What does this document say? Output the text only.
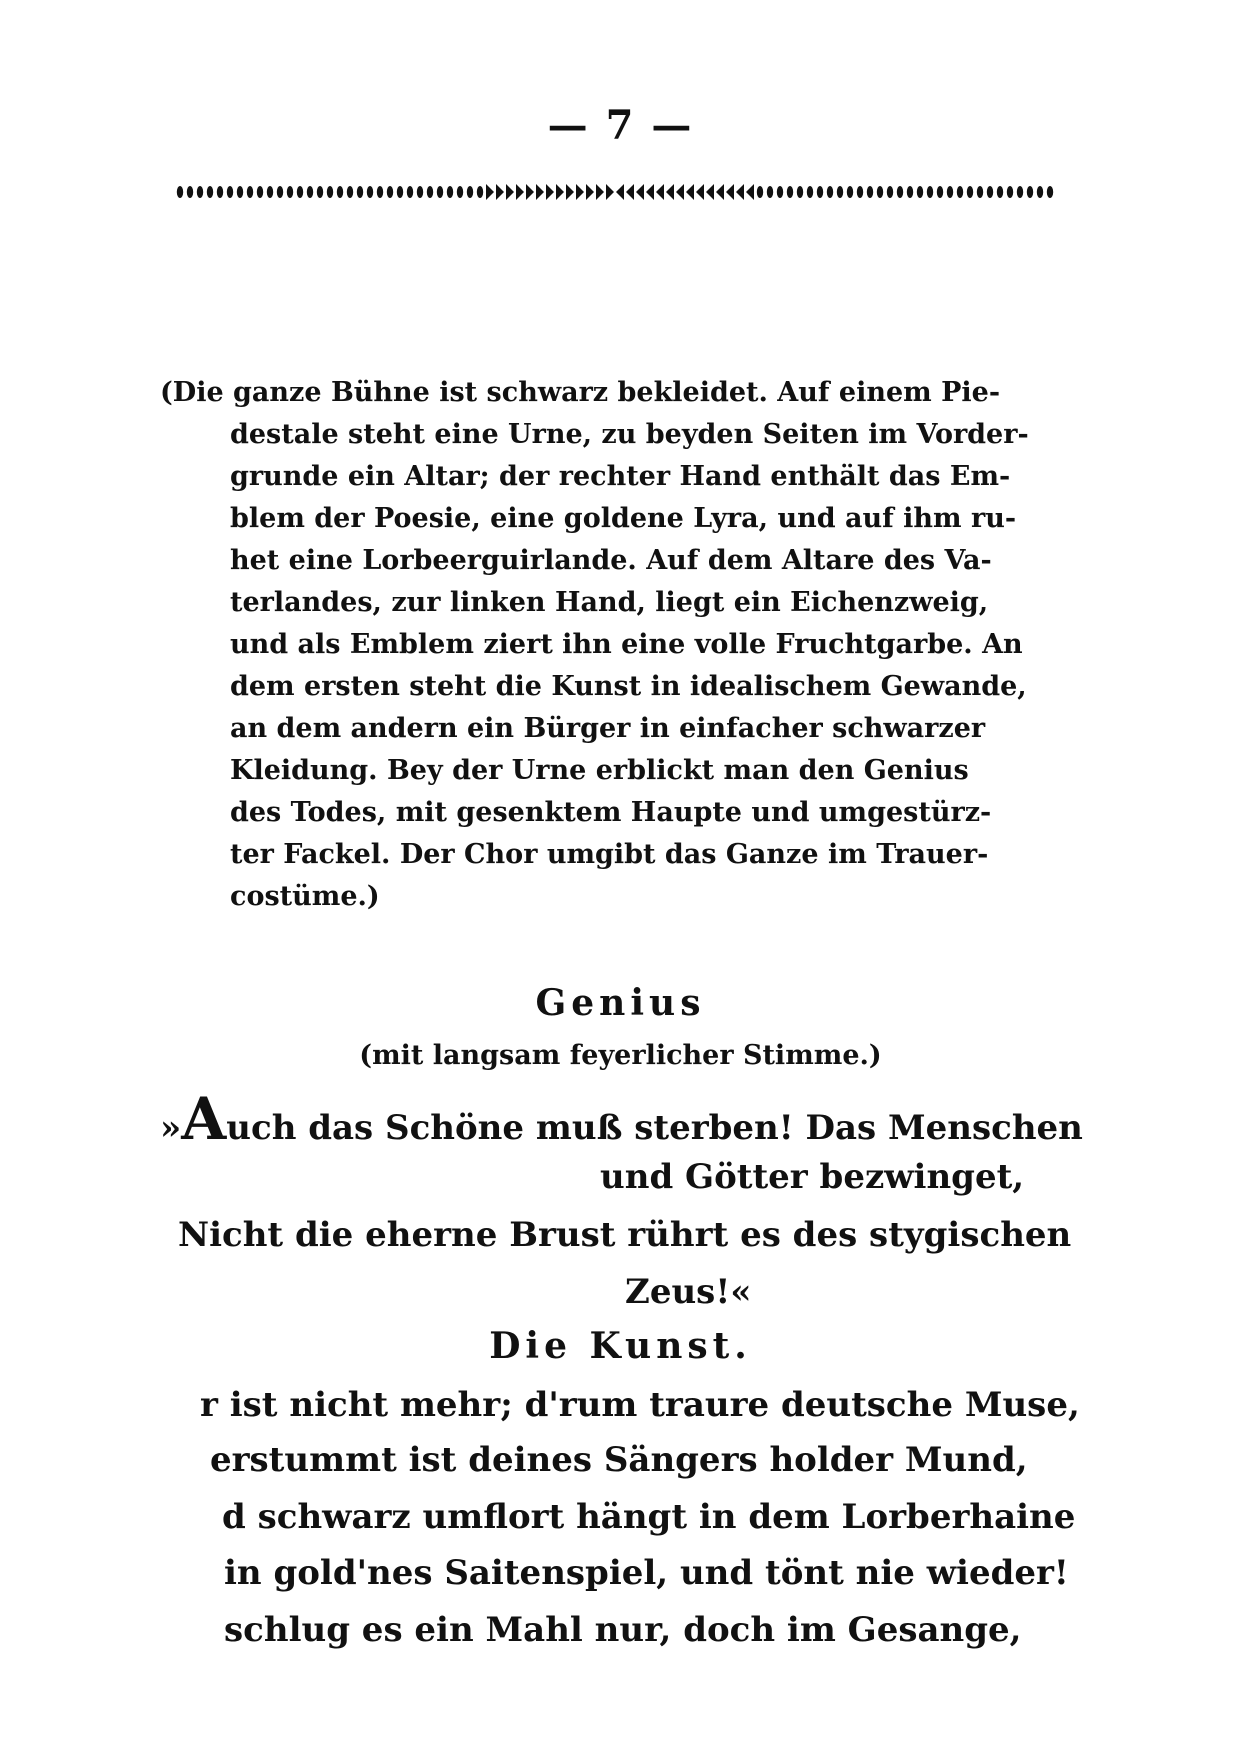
— 7 —
(Die ganze Bühne ist schwarz bekleidet. Auf einem Pie-
destale steht eine Urne, zu beyden Seiten im Vorder-
grunde ein Altar; der rechter Hand enthält das Em-
blem der Poesie, eine goldene Lyra, und auf ihm ru-
het eine Lorbeerguirlande. Auf dem Altare des Va-
terlandes, zur linken Hand, liegt ein Eichenzweig,
und als Emblem ziert ihn eine volle Fruchtgarbe. An
dem ersten steht die Kunst in idealischem Gewande,
an dem andern ein Bürger in einfacher schwarzer
Kleidung. Bey der Urne erblickt man den Genius
des Todes, mit gesenktem Haupte und umgestürz-
ter Fackel. Der Chor umgibt das Ganze im Trauer-
costüme.)
Genius
(mit langsam feyerlicher Stimme.)
»Auch das Schöne muß sterben! Das Menschen
und Götter bezwinget,
Nicht die eherne Brust rührt es des stygischen
Zeus!«
Die Kunst.
r ist nicht mehr; d'rum traure deutsche Muse,
erstummt ist deines Sängers holder Mund,
d schwarz umflort hängt in dem Lorberhaine
in gold'nes Saitenspiel, und tönt nie wieder!
schlug es ein Mahl nur, doch im Gesange,
